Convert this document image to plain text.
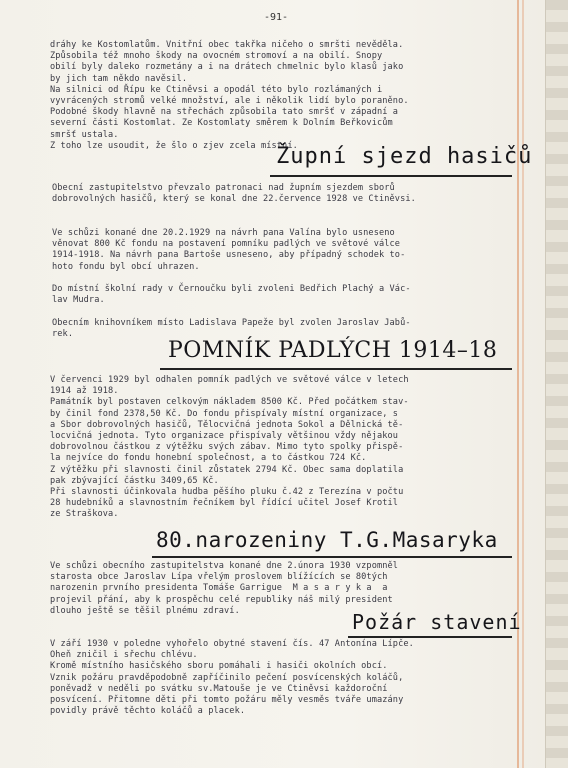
-91-
dráhy ke Kostomlatům. Vnitřní obec takřka ničeho o smršti nevěděla.
Způsobila též mnoho škody na ovocném stromoví a na obilí. Snopy
obilí byly daleko rozmetány a i na drátech chmelnic bylo klasů jako
by jich tam někdo navěsil.
Na silnici od Řípu ke Ctiněvsi a opodál této bylo rozlámaných i
vyvrácených stromů velké množství, ale i několik lidí bylo poraněno.
Podobné škody hlavně na střechách způsobila tato smršť v západní a
severní části Kostomlat. Ze Kostomlaty směrem k Dolním Beřkovicům
smršť ustala.
Z toho lze usoudit, že šlo o zjev zcela místní.
Župní sjezd hasičů
Obecní zastupitelstvo převzalo patronaci nad župním sjezdem sborů
dobrovolných hasičů, který se konal dne 22.července 1928 ve Ctiněvsi.
Ve schůzi konané dne 20.2.1929 na návrh pana Valína bylo usneseno
věnovat 800 Kč fondu na postavení pomníku padlých ve světové válce
1914-1918. Na návrh pana Bartoše usneseno, aby případný schodek to-
hoto fondu byl obcí uhrazen.

Do místní školní rady v Černoučku byli zvoleni Bedřich Plachý a Vác-
lav Mudra.

Obecním knihovníkem místo Ladislava Papeže byl zvolen Jaroslav Jabů-
rek.
POMNÍK PADLÝCH 1914–18
V červenci 1929 byl odhalen pomník padlých ve světové válce v letech
1914 až 1918.
Památník byl postaven celkovým nákladem 8500 Kč. Před počátkem stav-
by činil fond 2378,50 Kč. Do fondu přispívaly místní organizace, s
a Sbor dobrovolných hasičů, Tělocvičná jednota Sokol a Dělnická tě-
locvičná jednota. Tyto organizace přispívaly většinou vždy nějakou
dobrovolnou částkou z výtěžku svých zábav. Mimo tyto spolky přispě-
la nejvíce do fondu honební společnost, a to částkou 724 Kč.
Z výtěžku při slavnosti činil zůstatek 2794 Kč. Obec sama doplatila
pak zbývající částku 3409,65 Kč.
Při slavnosti účinkovala hudba pěšího pluku č.42 z Terezína v počtu
28 hudebníků a slavnostním řečníkem byl řídící učitel Josef Krotil
ze Straškova.
80.narozeniny T.G.Masaryka
Ve schůzi obecního zastupitelstva konané dne 2.února 1930 vzpomněl
starosta obce Jaroslav Lípa vřelým proslovem blížících se 80tých
narozenin prvního presidenta Tomáše Garrigue  M a s a r y k a  a
projevil přání, aby k prospěchu celé republiky náš milý president
dlouho ještě se těšil plnému zdraví.	Požár stavení
V září 1930 v poledne vyhořelo obytné stavení čís. 47 Antonína Lípče.
Oheň zničil i sřechu chlévu.
Kromě místního hasičského sboru pomáhali i hasiči okolních obcí.
Vznik požáru pravděpodobně zapříčinilo pečení posvícenských koláčů,
poněvadž v neděli po svátku sv.Matouše je ve Ctiněvsi každoroční
posvícení. Přitomne děti při tomto požáru měly vesměs tváře umazány
povidly právě těchto koláčů a placek.
